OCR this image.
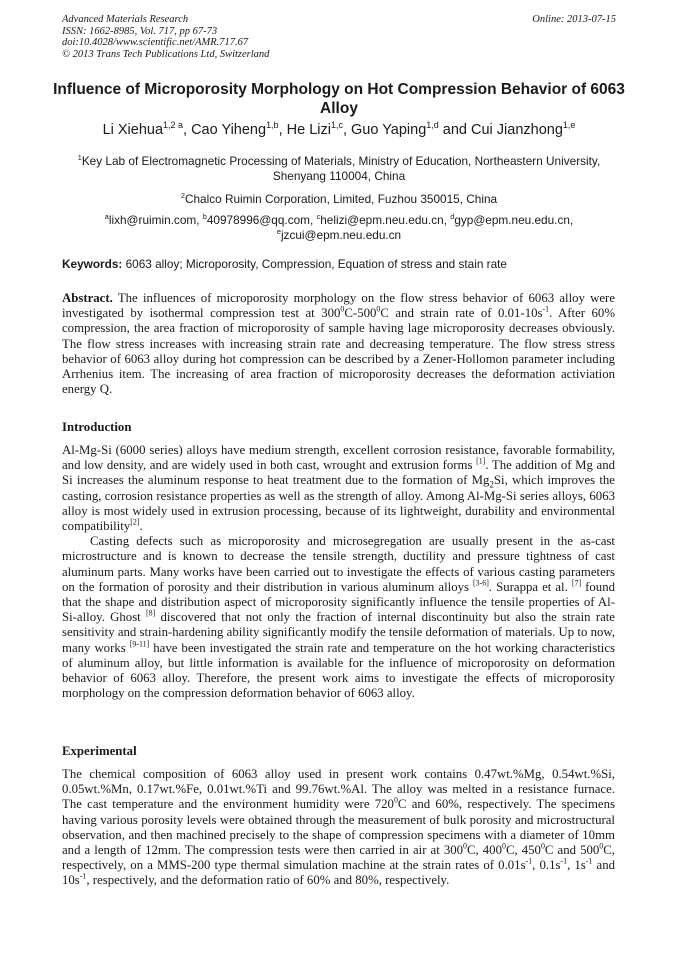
Advanced Materials Research
ISSN: 1662-8985, Vol. 717, pp 67-73
doi:10.4028/www.scientific.net/AMR.717.67
© 2013 Trans Tech Publications Ltd, Switzerland
Online: 2013-07-15
Influence of Microporosity Morphology on Hot Compression Behavior of 6063 Alloy
Li Xiehua$^{1,2 a}$, Cao Yiheng$^{1,b}$, He Lizi$^{1,c}$, Guo Yaping$^{1,d}$ and Cui Jianzhong$^{1,e}$
$^1$Key Lab of Electromagnetic Processing of Materials, Ministry of Education, Northeastern University, Shenyang 110004, China
$^2$Chalco Ruimin Corporation, Limited, Fuzhou 350015, China
$^a$lixh@ruimin.com, $^b$40978996@qq.com, $^c$helizi@epm.neu.edu.cn, $^d$gyp@epm.neu.edu.cn,
$^e$jzcui@epm.neu.edu.cn
Keywords: 6063 alloy; Microporosity, Compression, Equation of stress and stain rate

Abstract. The influences of microporosity morphology on the flow stress behavior of 6063 alloy were investigated by isothermal compression test at $300^0C-500^0C$ and strain rate of $0.01-10s^{-1}$. After 60% compression, the area fraction of microporosity of sample having lage microporosity decreases obviously. The flow stress increases with increasing strain rate and decreasing temperature. The flow stress stress behavior of 6063 alloy during hot compression can be described by a Zener-Hollomon parameter including Arrhenius item. The increasing of area fraction of microporosity decreases the deformation activiation energy Q.

Introduction

Al-Mg-Si (6000 series) alloys have medium strength, excellent corrosion resistance, favorable formability, and low density, and are widely used in both cast, wrought and extrusion forms [1]. The addition of Mg and Si increases the aluminum response to heat treatment due to the formation of $Mg_2Si$, which improves the casting, corrosion resistance properties as well as the strength of alloy. Among Al-Mg-Si series alloys, 6063 alloy is most widely used in extrusion processing, because of its lightweight, durability and environmental compatibility[2].

Casting defects such as microporosity and microsegregation are usually present in the as-cast microstructure and is known to decrease the tensile strength, ductility and pressure tightness of cast aluminum parts. Many works have been carried out to investigate the effects of various casting parameters on the formation of porosity and their distribution in various aluminum alloys [3-6]. Surappa et al. [7] found that the shape and distribution aspect of microporosity significantly influence the tensile properties of Al-Si-alloy. Ghost [8] discovered that not only the fraction of internal discontinuity but also the strain rate sensitivity and strain-hardening ability significantly modify the tensile deformation of materials. Up to now, many works [9-11] have been investigated the strain rate and temperature on the hot working characteristics of aluminum alloy, but little information is available for the influence of microporosity on deformation behavior of 6063 alloy. Therefore, the present work aims to investigate the effects of microporosity morphology on the compression deformation behavior of 6063 alloy.

Experimental

The chemical composition of 6063 alloy used in present work contains 0.47wt.%Mg, 0.54wt.%Si, 0.05wt.%Mn, 0.17wt.%Fe, 0.01wt.%Ti and 99.76wt.%Al. The alloy was melted in a resistance furnace. The cast temperature and the environment humidity were $720^0C$ and 60%, respectively. The specimens having various porosity levels were obtained through the measurement of bulk porosity and microstructural observation, and then machined precisely to the shape of compression specimens with a diameter of 10mm and a length of 12mm. The compression tests were then carried in air at $300^0C$, $400^0C$, $450^0C$ and $500^0C$, respectively, on a MMS-200 type thermal simulation machine at the strain rates of $0.01s^{-1}$, $0.1s^{-1}$, $1s^{-1}$ and $10s^{-1}$, respectively, and the deformation ratio of 60% and 80%, respectively.
